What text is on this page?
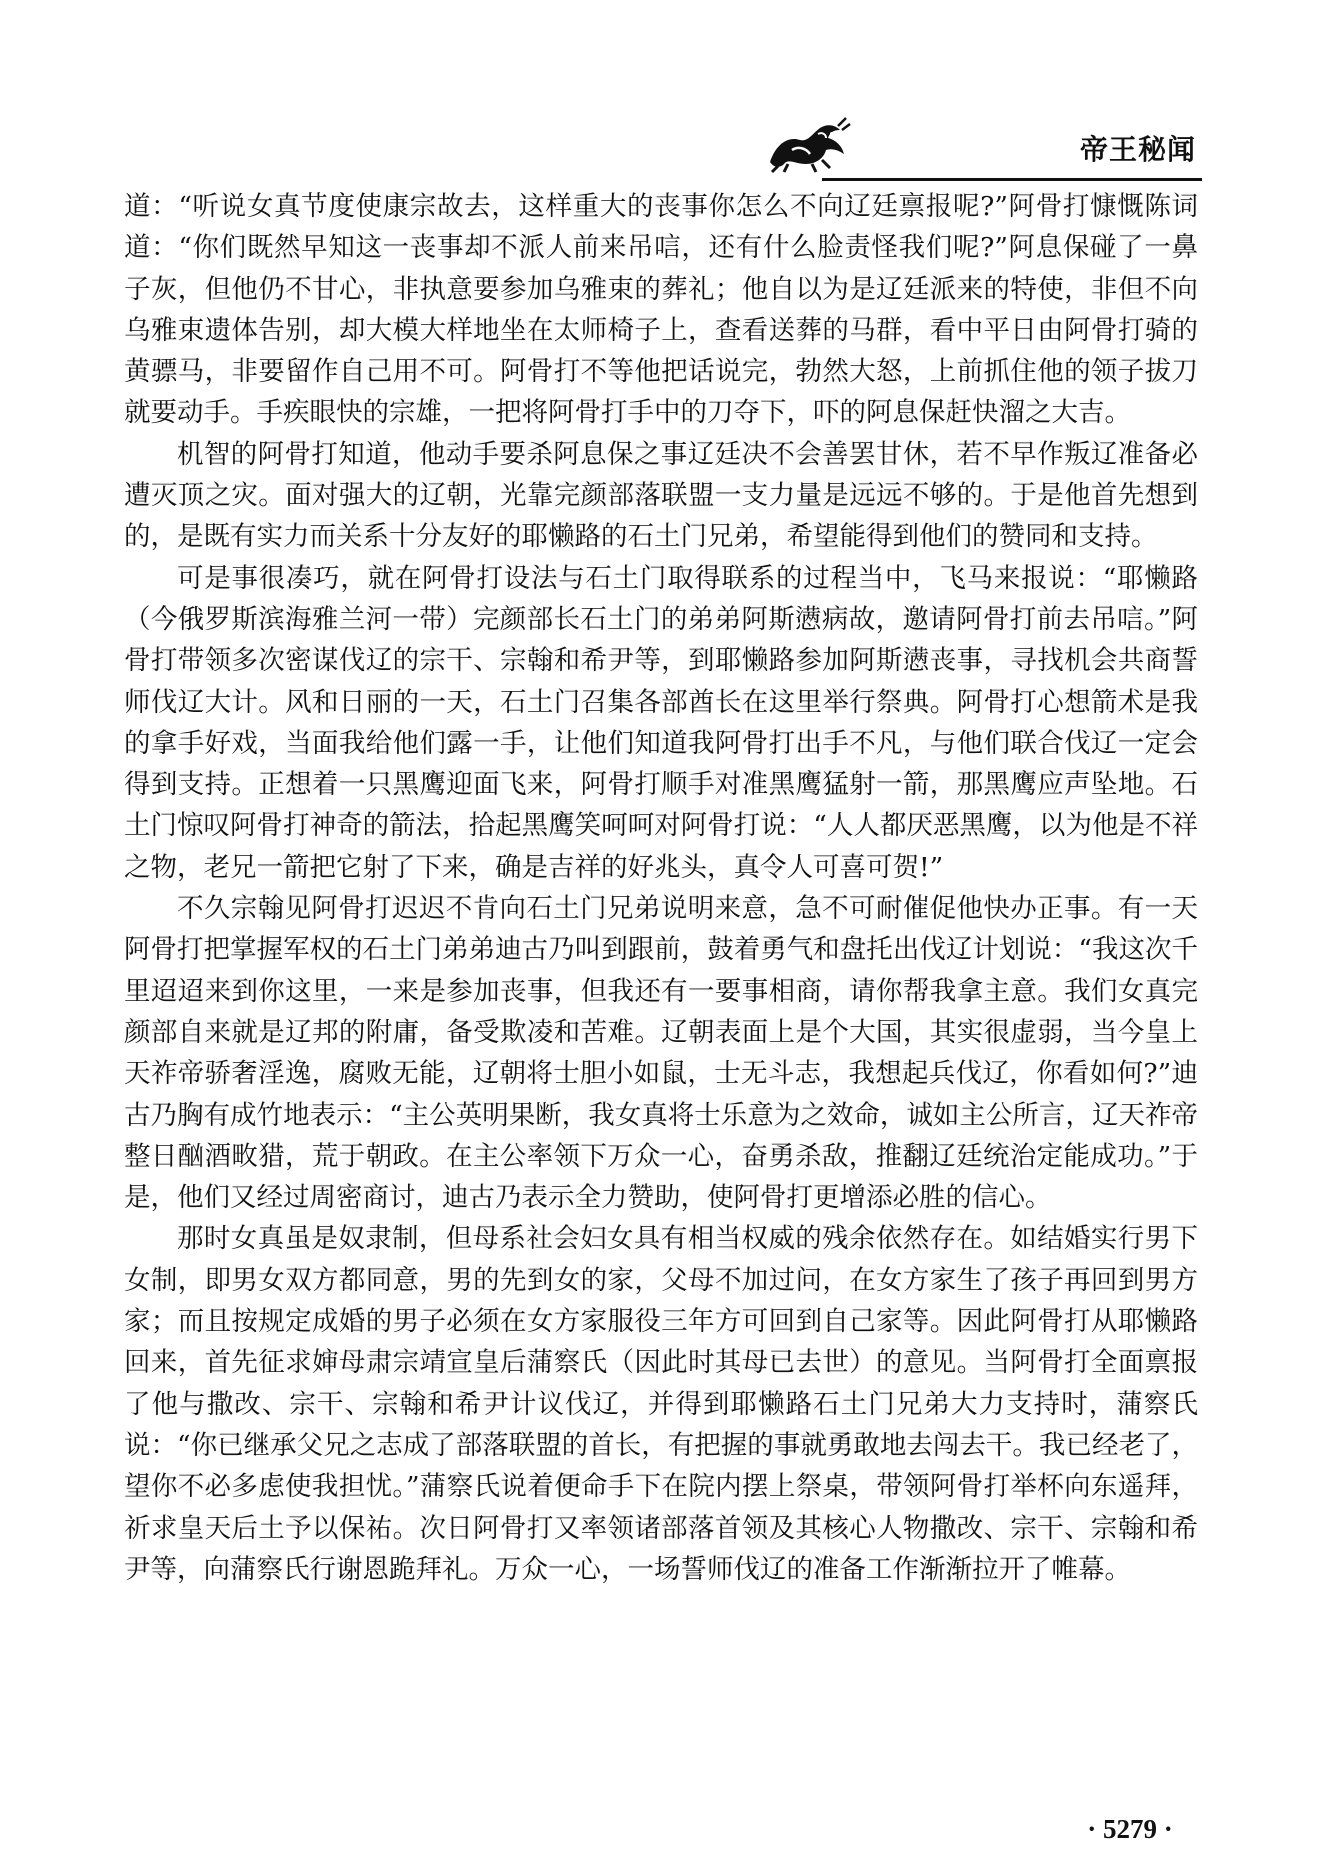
帝王秘闻

道：“听说女真节度使康宗故去，这样重大的丧事你怎么不向辽廷禀报呢?”阿骨打慷慨陈词道：“你们既然早知这一丧事却不派人前来吊唁，还有什么脸责怪我们呢?”阿息保碰了一鼻子灰，但他仍不甘心，非执意要参加乌雅束的葬礼；他自以为是辽廷派来的特使，非但不向乌雅束遗体告别，却大模大样地坐在太师椅子上，查看送葬的马群，看中平日由阿骨打骑的黄骠马，非要留作自己用不可。阿骨打不等他把话说完，勃然大怒，上前抓住他的领子拔刀就要动手。手疾眼快的宗雄，一把将阿骨打手中的刀夺下，吓的阿息保赶快溜之大吉。

机智的阿骨打知道，他动手要杀阿息保之事辽廷决不会善罢甘休，若不早作叛辽准备必遭灭顶之灾。面对强大的辽朝，光靠完颜部落联盟一支力量是远远不够的。于是他首先想到的，是既有实力而关系十分友好的耶懒路的石土门兄弟，希望能得到他们的赞同和支持。

可是事很凑巧，就在阿骨打设法与石土门取得联系的过程当中，飞马来报说：“耶懒路（今俄罗斯滨海雅兰河一带）完颜部长石土门的弟弟阿斯懑病故，邀请阿骨打前去吊唁。”阿骨打带领多次密谋伐辽的宗干、宗翰和希尹等，到耶懒路参加阿斯懑丧事，寻找机会共商誓师伐辽大计。风和日丽的一天，石土门召集各部酋长在这里举行祭典。阿骨打心想箭术是我的拿手好戏，当面我给他们露一手，让他们知道我阿骨打出手不凡，与他们联合伐辽一定会得到支持。正想着一只黑鹰迎面飞来，阿骨打顺手对准黑鹰猛射一箭，那黑鹰应声坠地。石土门惊叹阿骨打神奇的箭法，拾起黑鹰笑呵呵对阿骨打说：“人人都厌恶黑鹰，以为他是不祥之物，老兄一箭把它射了下来，确是吉祥的好兆头，真令人可喜可贺!”

不久宗翰见阿骨打迟迟不肯向石土门兄弟说明来意，急不可耐催促他快办正事。有一天阿骨打把掌握军权的石土门弟弟迪古乃叫到跟前，鼓着勇气和盘托出伐辽计划说：“我这次千里迢迢来到你这里，一来是参加丧事，但我还有一要事相商，请你帮我拿主意。我们女真完颜部自来就是辽邦的附庸，备受欺凌和苦难。辽朝表面上是个大国，其实很虚弱，当今皇上天祚帝骄奢淫逸，腐败无能，辽朝将士胆小如鼠，士无斗志，我想起兵伐辽，你看如何?”迪古乃胸有成竹地表示：“主公英明果断，我女真将士乐意为之效命，诚如主公所言，辽天祚帝整日酗酒畋猎，荒于朝政。在主公率领下万众一心，奋勇杀敌，推翻辽廷统治定能成功。”于是，他们又经过周密商讨，迪古乃表示全力赞助，使阿骨打更增添必胜的信心。

那时女真虽是奴隶制，但母系社会妇女具有相当权威的残余依然存在。如结婚实行男下女制，即男女双方都同意，男的先到女的家，父母不加过问，在女方家生了孩子再回到男方家；而且按规定成婚的男子必须在女方家服役三年方可回到自己家等。因此阿骨打从耶懒路回来，首先征求婶母肃宗靖宣皇后蒲察氏（因此时其母已去世）的意见。当阿骨打全面禀报了他与撒改、宗干、宗翰和希尹计议伐辽，并得到耶懒路石土门兄弟大力支持时，蒲察氏说：“你已继承父兄之志成了部落联盟的首长，有把握的事就勇敢地去闯去干。我已经老了，望你不必多虑使我担忧。”蒲察氏说着便命手下在院内摆上祭桌，带领阿骨打举杯向东遥拜，祈求皇天后土予以保祐。次日阿骨打又率领诸部落首领及其核心人物撒改、宗干、宗翰和希尹等，向蒲察氏行谢恩跪拜礼。万众一心，一场誓师伐辽的准备工作渐渐拉开了帷幕。

· 5279 ·
